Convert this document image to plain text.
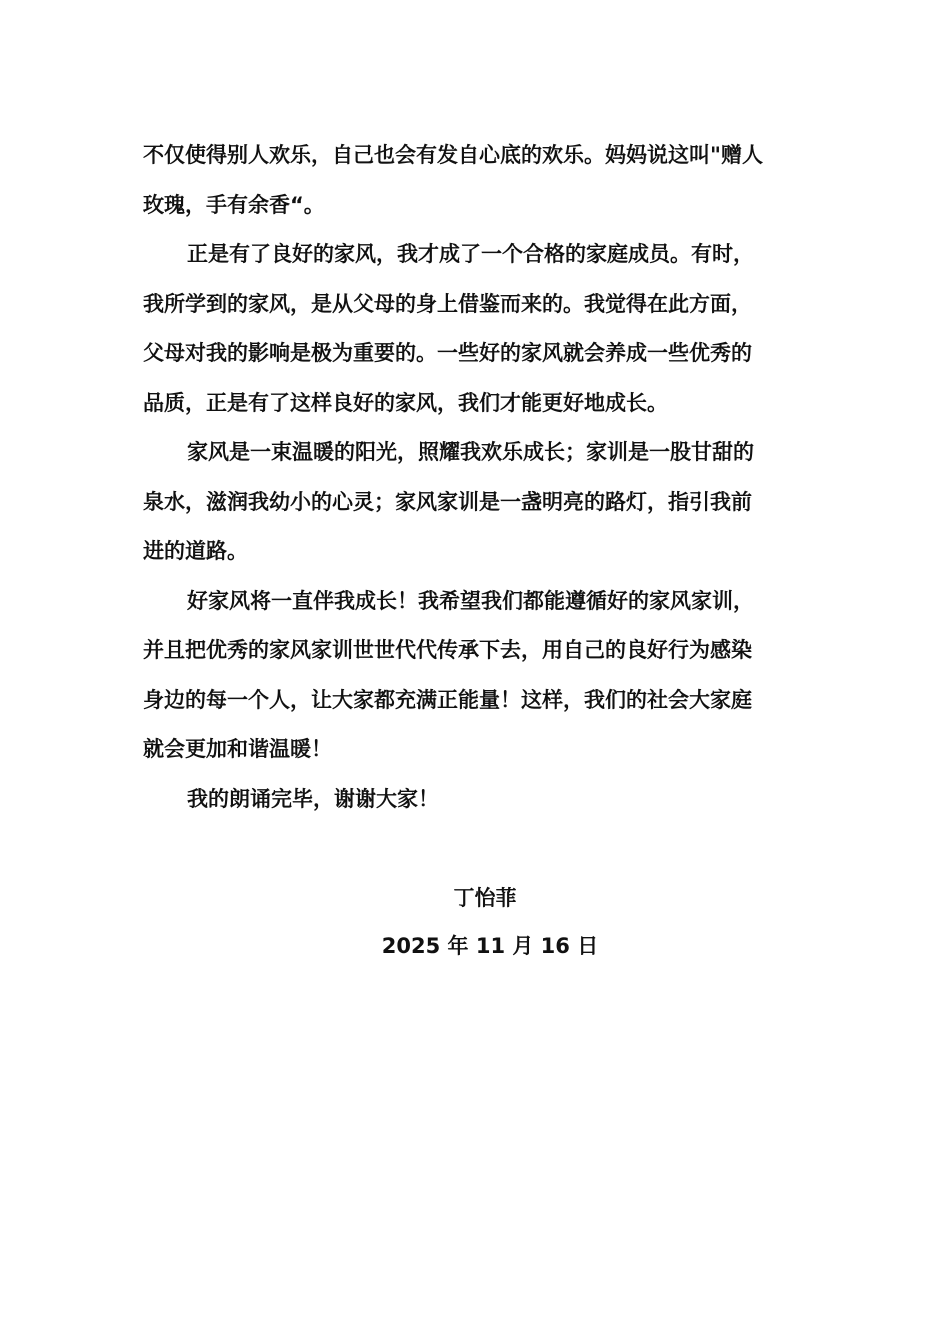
不仅使得别人欢乐，自己也会有发自心底的欢乐。妈妈说这叫"赠人
玫瑰，手有余香“。
正是有了良好的家风，我才成了一个合格的家庭成员。有时，
我所学到的家风，是从父母的身上借鉴而来的。我觉得在此方面，
父母对我的影响是极为重要的。一些好的家风就会养成一些优秀的
品质，正是有了这样良好的家风，我们才能更好地成长。
家风是一束温暖的阳光，照耀我欢乐成长；家训是一股甘甜的
泉水，滋润我幼小的心灵；家风家训是一盏明亮的路灯，指引我前
进的道路。
好家风将一直伴我成长！我希望我们都能遵循好的家风家训，
并且把优秀的家风家训世世代代传承下去，用自己的良好行为感染
身边的每一个人，让大家都充满正能量！这样，我们的社会大家庭
就会更加和谐温暖！
我的朗诵完毕，谢谢大家！
丁怡菲
2025 年 11 月 16 日
